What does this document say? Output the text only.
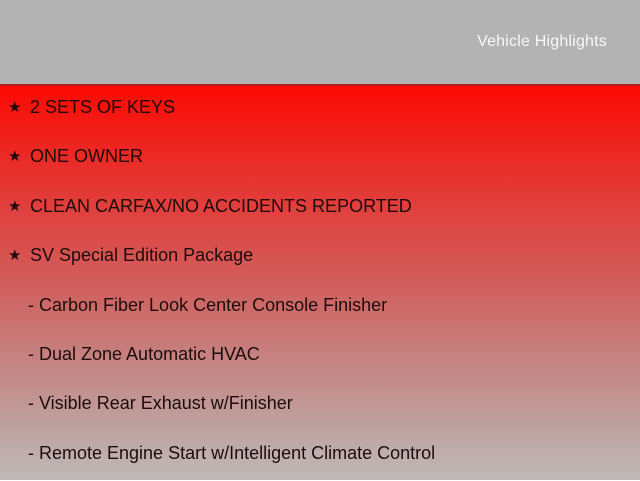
Vehicle Highlights
★ 2 SETS OF KEYS
★ ONE OWNER
★ CLEAN CARFAX/NO ACCIDENTS REPORTED
★ SV Special Edition Package
- Carbon Fiber Look Center Console Finisher
- Dual Zone Automatic HVAC
- Visible Rear Exhaust w/Finisher
- Remote Engine Start w/Intelligent Climate Control
